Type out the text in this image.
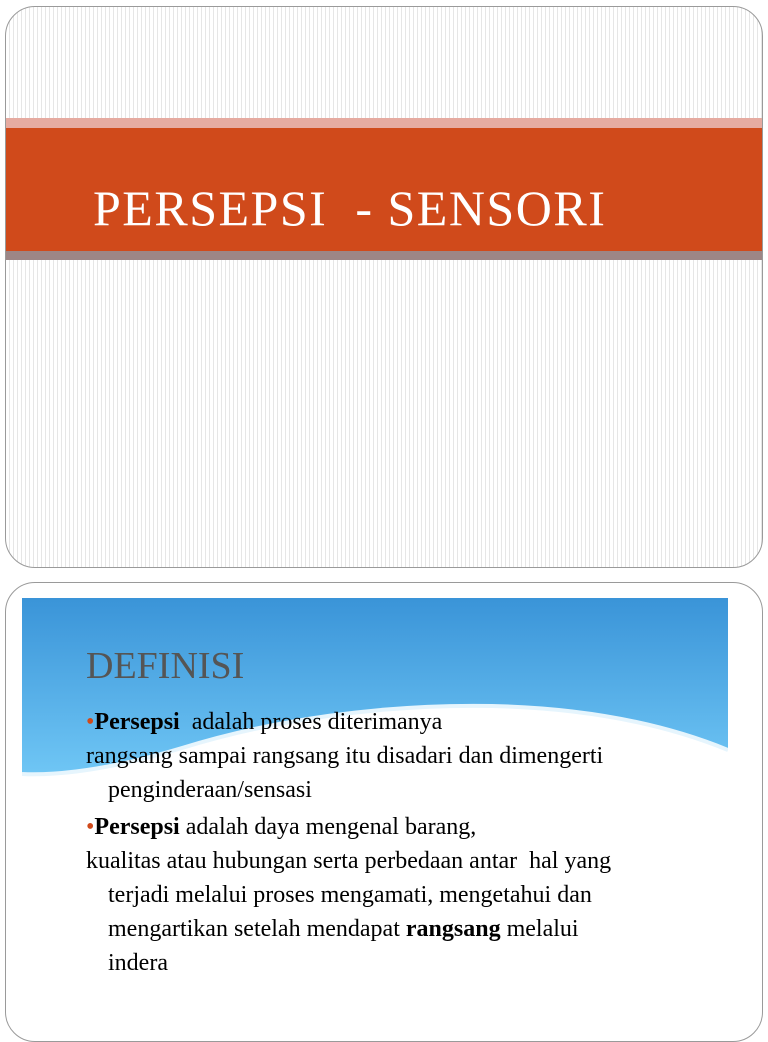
PERSEPSI  - SENSORI
DEFINISI

•Persepsi  adalah proses diterimanya

rangsang sampai rangsang itu disadari dan dimengerti

penginderaan/sensasi

•Persepsi adalah daya mengenal barang,

kualitas atau hubungan serta perbedaan antar  hal yang

terjadi melalui proses mengamati, mengetahui dan

mengartikan setelah mendapat rangsang melalui

indera
